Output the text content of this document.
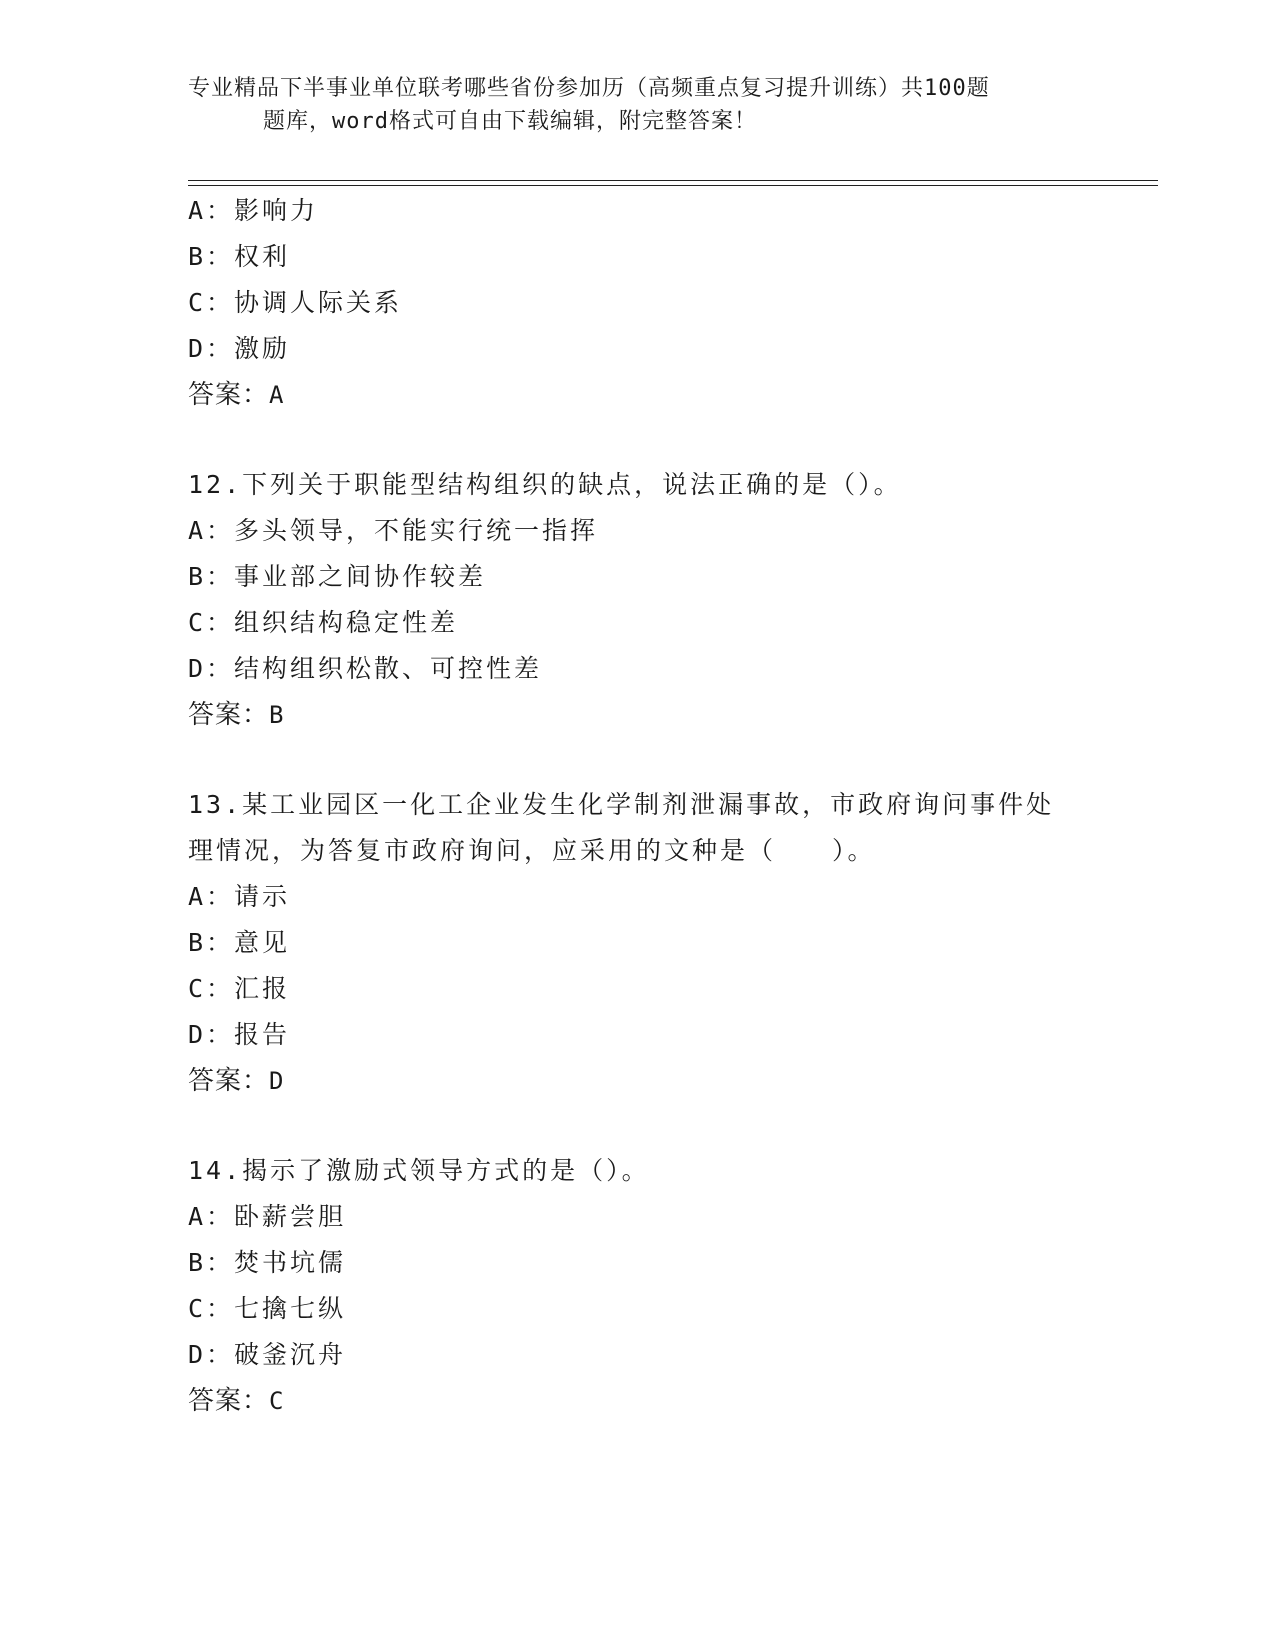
专业精品下半事业单位联考哪些省份参加历（高频重点复习提升训练）共100题
题库，word格式可自由下载编辑，附完整答案！
A：影响力
B：权利
C：协调人际关系
D：激励
答案：A
12.下列关于职能型结构组织的缺点，说法正确的是（）。
A：多头领导，不能实行统一指挥
B：事业部之间协作较差
C：组织结构稳定性差
D：结构组织松散、可控性差
答案：B
13.某工业园区一化工企业发生化学制剂泄漏事故，市政府询问事件处理情况，为答复市政府询问，应采用的文种是（　　）。
A：请示
B：意见
C：汇报
D：报告
答案：D
14.揭示了激励式领导方式的是（）。
A：卧薪尝胆
B：焚书坑儒
C：七擒七纵
D：破釜沉舟
答案：C
